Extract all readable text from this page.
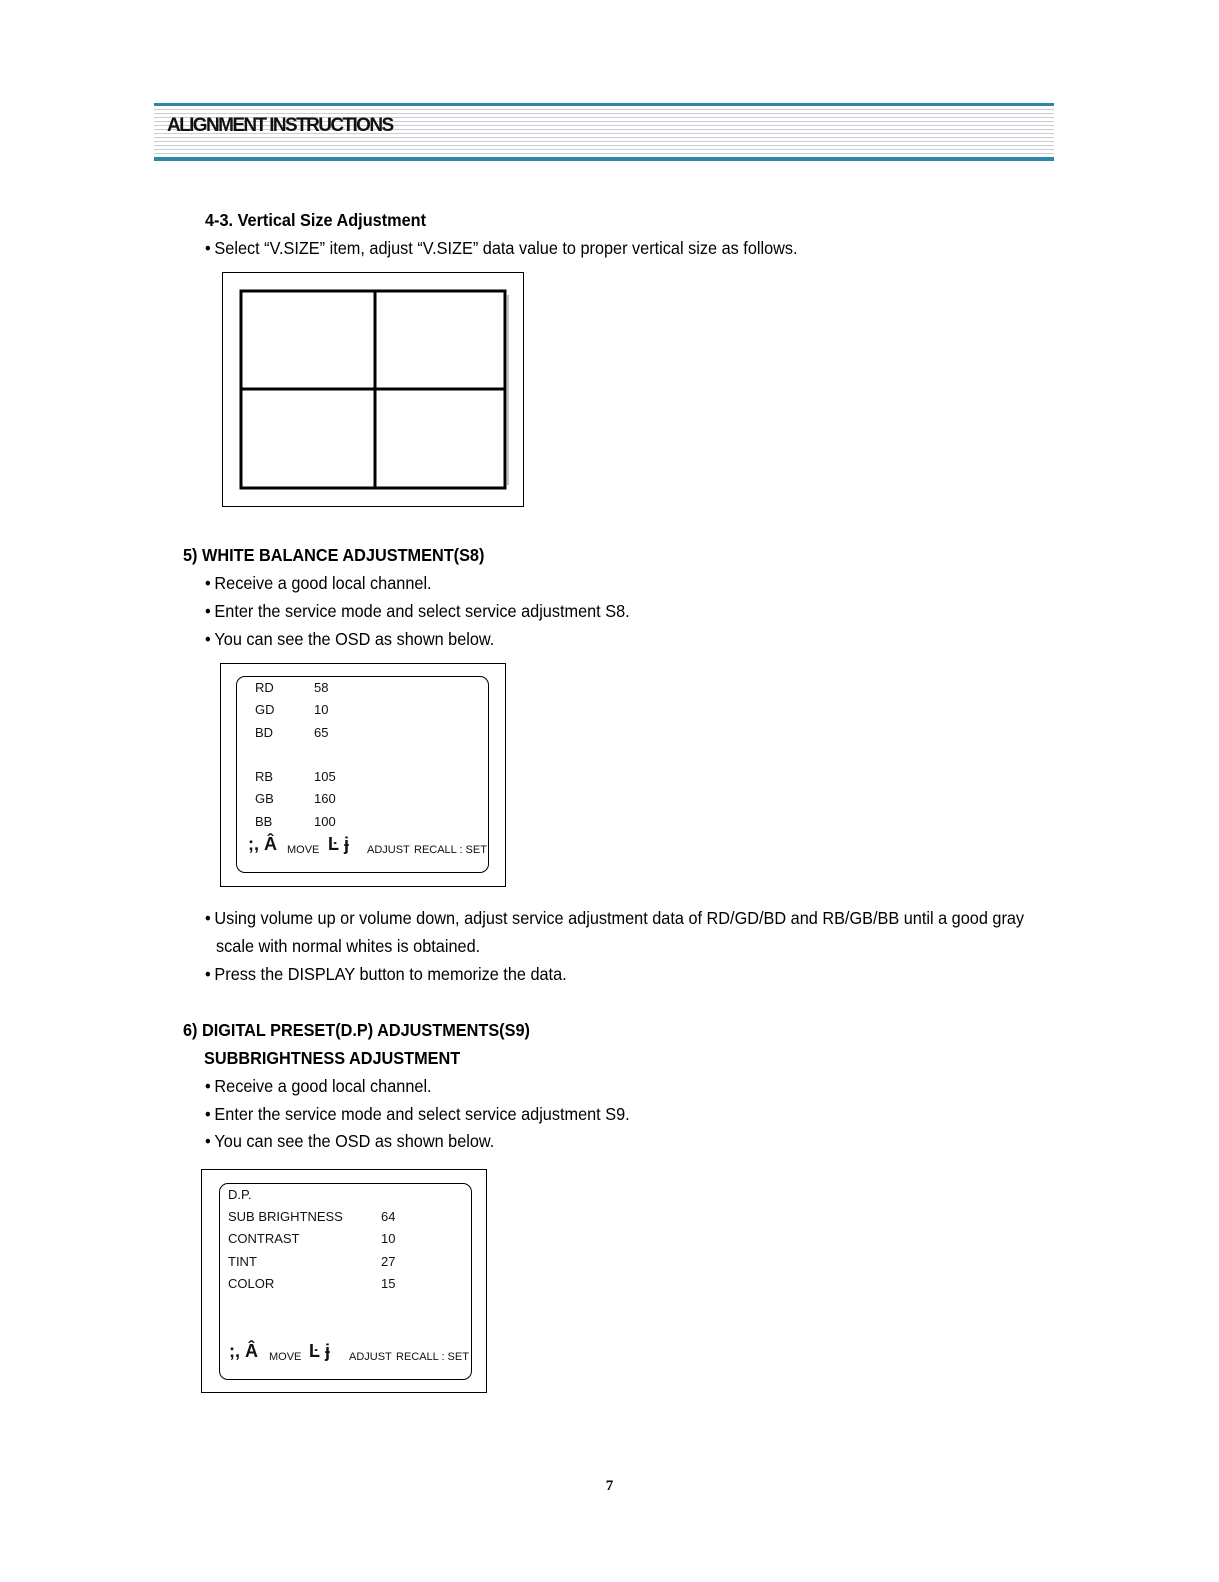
ALIGNMENT INSTRUCTIONS
4-3. Vertical Size Adjustment
• Select “V.SIZE” item, adjust “V.SIZE” data value to proper vertical size as follows.
5) WHITE BALANCE ADJUSTMENT(S8)
• Receive a good local channel.
• Enter the service mode and select service adjustment S8.
• You can see the OSD as shown below.
RD	58
GD	10
BD	65
RB	105
GB	160
BB	100
;, Â MOVE Ŀ ɉ ADJUST RECALL : SET
• Using volume up or volume down, adjust service adjustment data of RD/GD/BD and RB/GB/BB until a good gray
scale with normal whites is obtained.
• Press the DISPLAY button to memorize the data.
6) DIGITAL PRESET(D.P) ADJUSTMENTS(S9)
SUBBRIGHTNESS ADJUSTMENT
• Receive a good local channel.
• Enter the service mode and select service adjustment S9.
• You can see the OSD as shown below.
D.P.
SUB BRIGHTNESS	64
CONTRAST	10
TINT	27
COLOR	15
;, Â MOVE Ŀ ɉ ADJUST RECALL : SET
7
